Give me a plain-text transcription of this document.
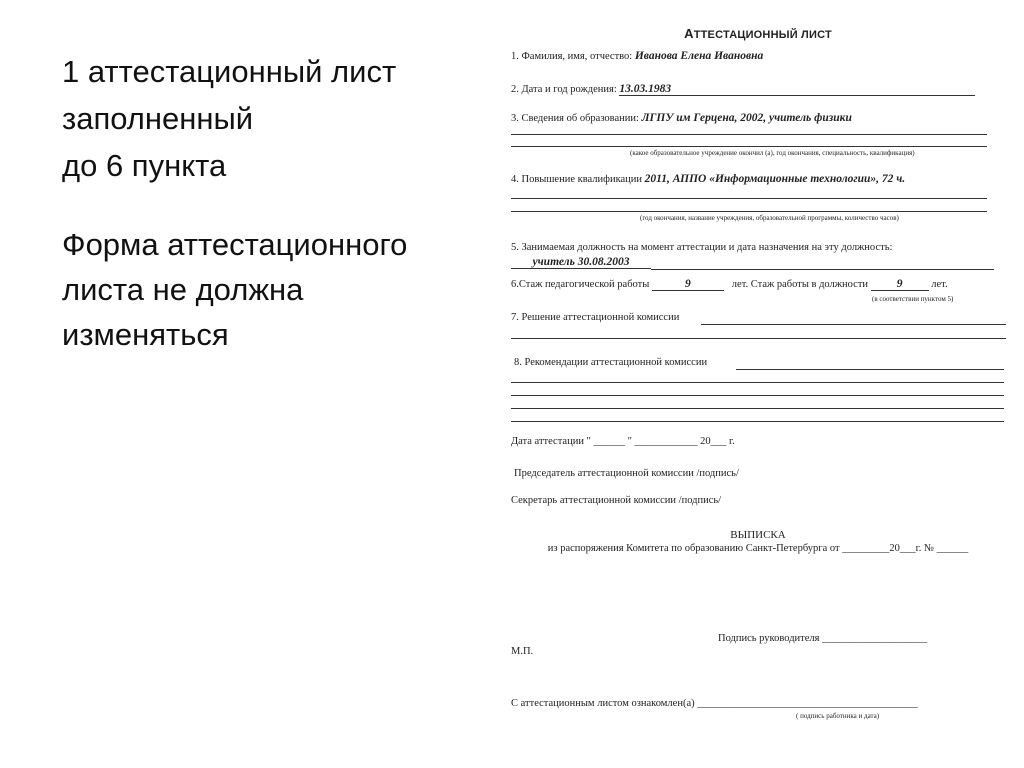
1 аттестационный лист
заполненный
до 6 пункта
Форма аттестационного
листа не должна
изменяться
АТТЕСТАЦИОННЫЙ ЛИСТ
1. Фамилия, имя, отчество: Иванова Елена Ивановна
2. Дата и год рождения: 13.03.1983
3. Сведения об образовании: ЛГПУ им Герцена, 2002, учитель физики
(какое образовательное учреждение окончил (а), год окончания, специальность, квалификация)
4. Повышение квалификации 2011, АППО «Информационные технологии», 72 ч.
(год окончания, название учреждения, образовательной программы, количество часов)
5. Занимаемая должность на момент аттестации и дата назначения на эту должность:
учитель 30.08.2003
6.Стаж педагогической работы	9	лет. Стаж работы в должности	9	лет.
(в соответствии пунктом 5)
7. Решение аттестационной комиссии
8. Рекомендации аттестационной комиссии
Дата аттестации " ______ " ____________ 20___ г.
Председатель аттестационной комиссии /подпись/
Секретарь аттестационной комиссии /подпись/
ВЫПИСКА
из распоряжения Комитета по образованию Санкт-Петербурга от _________20___г. № ______
Подпись руководителя ____________________
М.П.
С аттестационным листом ознакомлен(а) __________________________________________
( подпись работника и дата)
